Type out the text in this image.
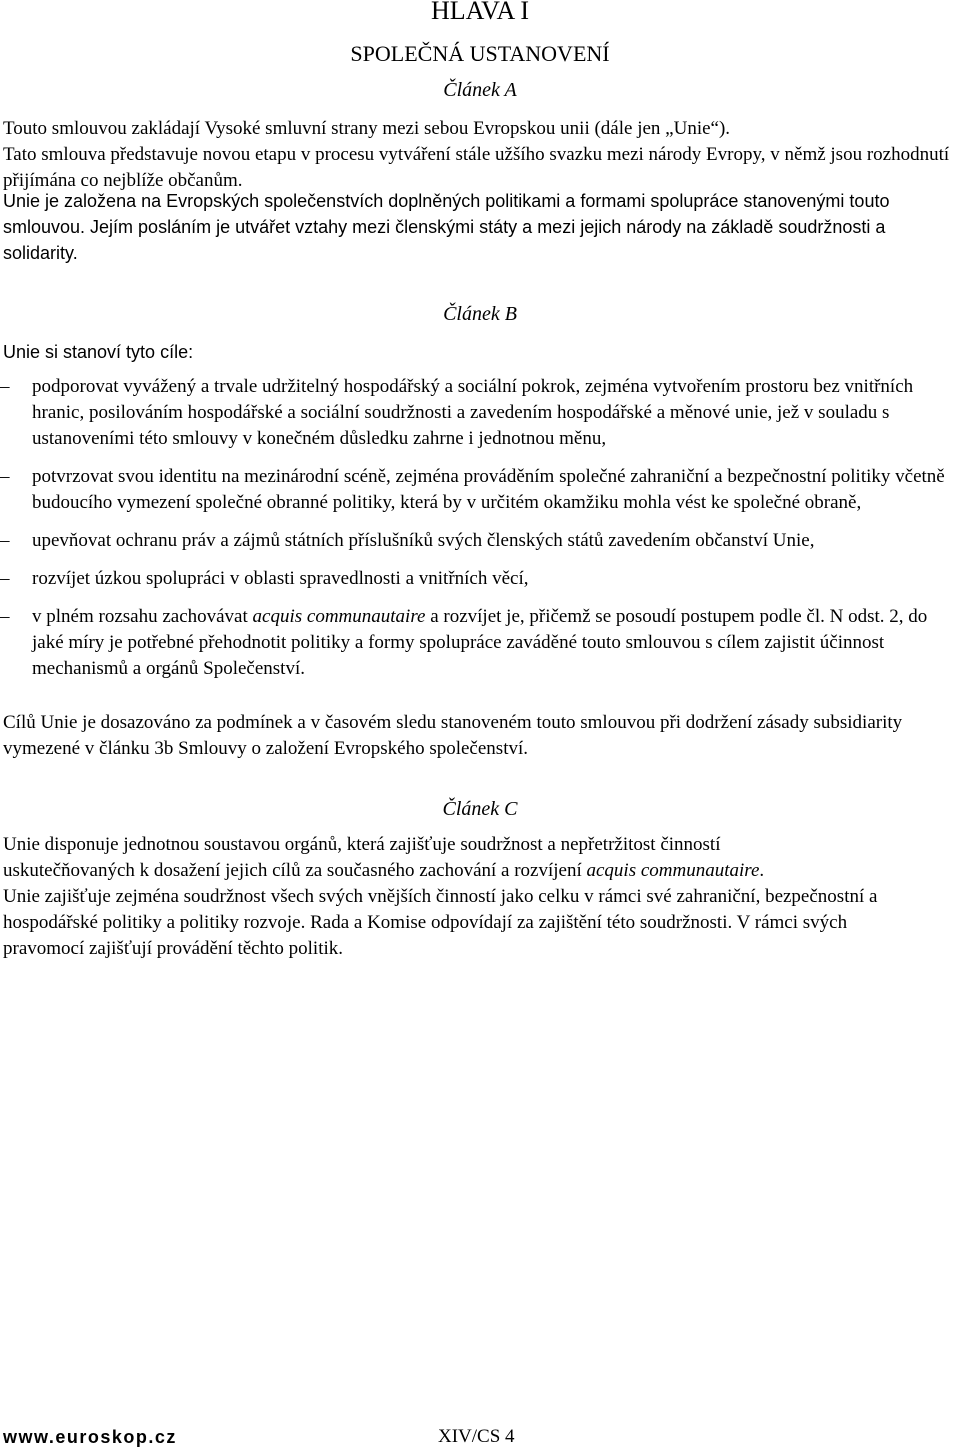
HLAVA I
SPOLEČNÁ USTANOVENÍ
Článek A

Touto smlouvou zakládají Vysoké smluvní strany mezi sebou Evropskou unii (dále jen „Unie“).

Tato smlouva představuje novou etapu v procesu vytváření stále užšího svazku mezi národy Evropy, v němž jsou rozhodnutí přijímána co nejblíže občanům.

Unie je založena na Evropských společenstvích doplněných politikami a formami spolupráce stanovenými touto smlouvou. Jejím posláním je utvářet vztahy mezi členskými státy a mezi jejich národy na základě soudržnosti a solidarity.

Článek B

Unie si stanoví tyto cíle:

– podporovat vyvážený a trvale udržitelný hospodářský a sociální pokrok, zejména vytvořením prostoru bez vnitřních hranic, posilováním hospodářské a sociální soudržnosti a zavedením hospodářské a měnové unie, jež v souladu s ustanoveními této smlouvy v konečném důsledku zahrne i jednotnou měnu,
– potvrzovat svou identitu na mezinárodní scéně, zejména prováděním společné zahraniční a bezpečnostní politiky včetně budoucího vymezení společné obranné politiky, která by v určitém okamžiku mohla vést ke společné obraně,
– upevňovat ochranu práv a zájmů státních příslušníků svých členských států zavedením občanství Unie,
– rozvíjet úzkou spolupráci v oblasti spravedlnosti a vnitřních věcí,
– v plném rozsahu zachovávat acquis communautaire a rozvíjet je, přičemž se posoudí postupem podle čl. N odst. 2, do jaké míry je potřebné přehodnotit politiky a formy spolupráce zaváděné touto smlouvou s cílem zajistit účinnost mechanismů a orgánů Společenství.

Cílů Unie je dosazováno za podmínek a v časovém sledu stanoveném touto smlouvou při dodržení zásady subsidiarity vymezené v článku 3b Smlouvy o založení Evropského společenství.

Článek C

Unie disponuje jednotnou soustavou orgánů, která zajišťuje soudržnost a nepřetržitost činností uskutečňovaných k dosažení jejich cílů za současného zachování a rozvíjení acquis communautaire.

Unie zajišťuje zejména soudržnost všech svých vnějších činností jako celku v rámci své zahraniční, bezpečnostní a hospodářské politiky a politiky rozvoje. Rada a Komise odpovídají za zajištění této soudržnosti. V rámci svých pravomocí zajišťují provádění těchto politik.

www.euroskop.cz	XIV/CS 4
